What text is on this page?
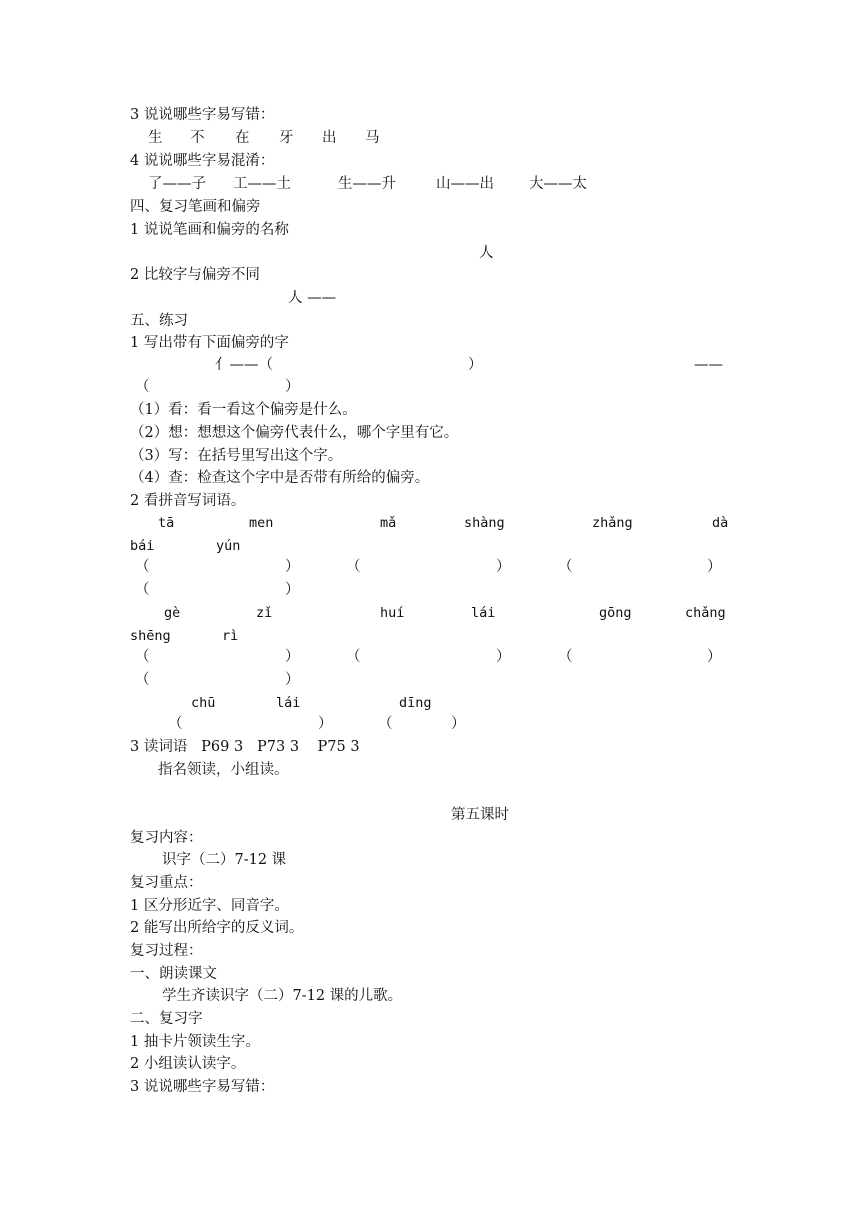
3 说说哪些字易写错：
生 不 在 牙 出 马
4 说说哪些字易混淆：
了——子 工——土	生——升	山——出 大——太
四、复习笔画和偏旁
1 说说笔画和偏旁的名称
人
2 比较字与偏旁不同
人 ——
五、练习
1 写出带有下面偏旁的字
亻——（	）	——
（	）
（1）看：看一看这个偏旁是什么。
（2）想：想想这个偏旁代表什么，哪个字里有它。
（3）写：在括号里写出这个字。
（4）查：检查这个字中是否带有所给的偏旁。
2 看拼音写词语。
tā	men	mǎ	shàng	zhǎng	dà
bái	yún
（	）	（	）	（	）
（	）
gè	zǐ	huí	lái	gōng	chǎng
shēng	rì
（	）	（	）	（	）
（	）
chū	lái	dīng
（	）	（	）
3 读词语   P69 3   P73 3    P75 3
指名领读，小组读。
第五课时
复习内容：
识字（二）7-12 课
复习重点：
1 区分形近字、同音字。
2 能写出所给字的反义词。
复习过程：
一、朗读课文
学生齐读识字（二）7-12 课的儿歌。
二、复习字
1 抽卡片领读生字。
2 小组读认读字。
3 说说哪些字易写错：
